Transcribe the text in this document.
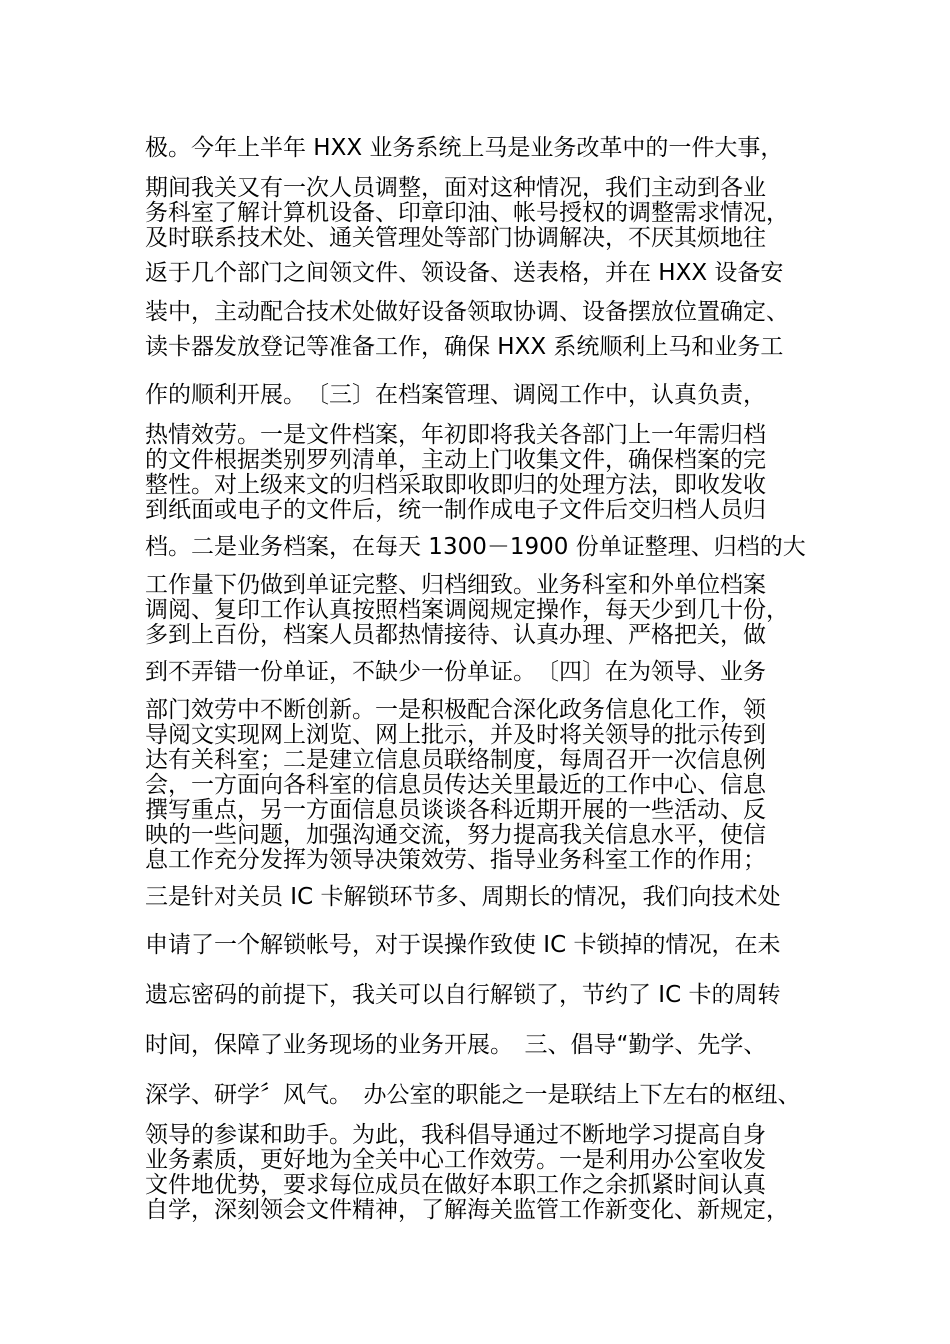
极。今年上半年 HXX 业务系统上马是业务改革中的一件大事，
期间我关又有一次人员调整，面对这种情况，我们主动到各业
务科室了解计算机设备、印章印油、帐号授权的调整需求情况，
及时联系技术处、通关管理处等部门协调解决，不厌其烦地往
返于几个部门之间领文件、领设备、送表格，并在 HXX 设备安
装中，主动配合技术处做好设备领取协调、设备摆放位置确定、
读卡器发放登记等准备工作，确保 HXX 系统顺利上马和业务工
作的顺利开展。　〔三〕在档案管理、调阅工作中，认真负责，
热情效劳。一是文件档案，年初即将我关各部门上一年需归档
的文件根据类别罗列清单，主动上门收集文件，确保档案的完
整性。对上级来文的归档采取即收即归的处理方法，即收发收
到纸面或电子的文件后，统一制作成电子文件后交归档人员归
档。二是业务档案，在每天 1300－1900 份单证整理、归档的大
工作量下仍做到单证完整、归档细致。业务科室和外单位档案
调阅、复印工作认真按照档案调阅规定操作，每天少到几十份，
多到上百份，档案人员都热情接待、认真办理、严格把关，做
到不弄错一份单证，不缺少一份单证。　〔四〕在为领导、业务
部门效劳中不断创新。一是积极配合深化政务信息化工作，领
导阅文实现网上浏览、网上批示，并及时将关领导的批示传到
达有关科室；二是建立信息员联络制度，每周召开一次信息例
会，一方面向各科室的信息员传达关里最近的工作中心、信息
撰写重点，另一方面信息员谈谈各科近期开展的一些活动、反
映的一些问题，加强沟通交流，努力提高我关信息水平，使信
息工作充分发挥为领导决策效劳、指导业务科室工作的作用；
三是针对关员 IC 卡解锁环节多、周期长的情况，我们向技术处
申请了一个解锁帐号，对于误操作致使 IC 卡锁掉的情况，在未
遗忘密码的前提下，我关可以自行解锁了，节约了 IC 卡的周转
时间，保障了业务现场的业务开展。　三、倡导“勤学、先学、
深学、研学〞风气。　办公室的职能之一是联结上下左右的枢纽、
领导的参谋和助手。为此，我科倡导通过不断地学习提高自身
业务素质，更好地为全关中心工作效劳。一是利用办公室收发
文件地优势，要求每位成员在做好本职工作之余抓紧时间认真
自学，深刻领会文件精神，了解海关监管工作新变化、新规定，
